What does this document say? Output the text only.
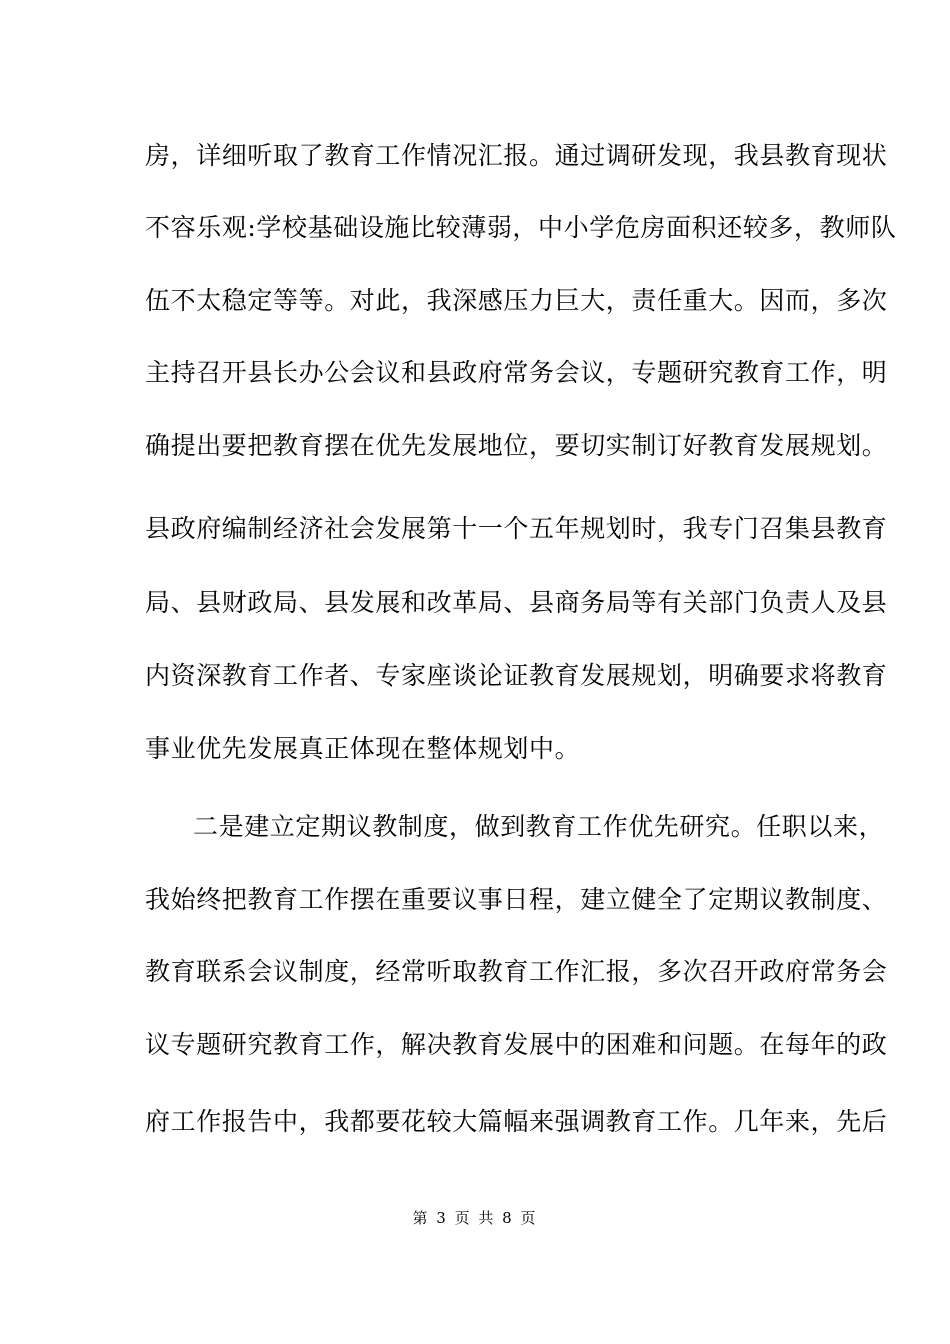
房，详细听取了教育工作情况汇报。通过调研发现，我县教育现状
不容乐观:学校基础设施比较薄弱，中小学危房面积还较多，教师队
伍不太稳定等等。对此，我深感压力巨大，责任重大。因而，多次
主持召开县长办公会议和县政府常务会议，专题研究教育工作，明
确提出要把教育摆在优先发展地位，要切实制订好教育发展规划。
县政府编制经济社会发展第十一个五年规划时，我专门召集县教育
局、县财政局、县发展和改革局、县商务局等有关部门负责人及县
内资深教育工作者、专家座谈论证教育发展规划，明确要求将教育
事业优先发展真正体现在整体规划中。
二是建立定期议教制度，做到教育工作优先研究。任职以来，
我始终把教育工作摆在重要议事日程，建立健全了定期议教制度、
教育联系会议制度，经常听取教育工作汇报，多次召开政府常务会
议专题研究教育工作，解决教育发展中的困难和问题。在每年的政
府工作报告中，我都要花较大篇幅来强调教育工作。几年来，先后
第 3 页 共 8 页
